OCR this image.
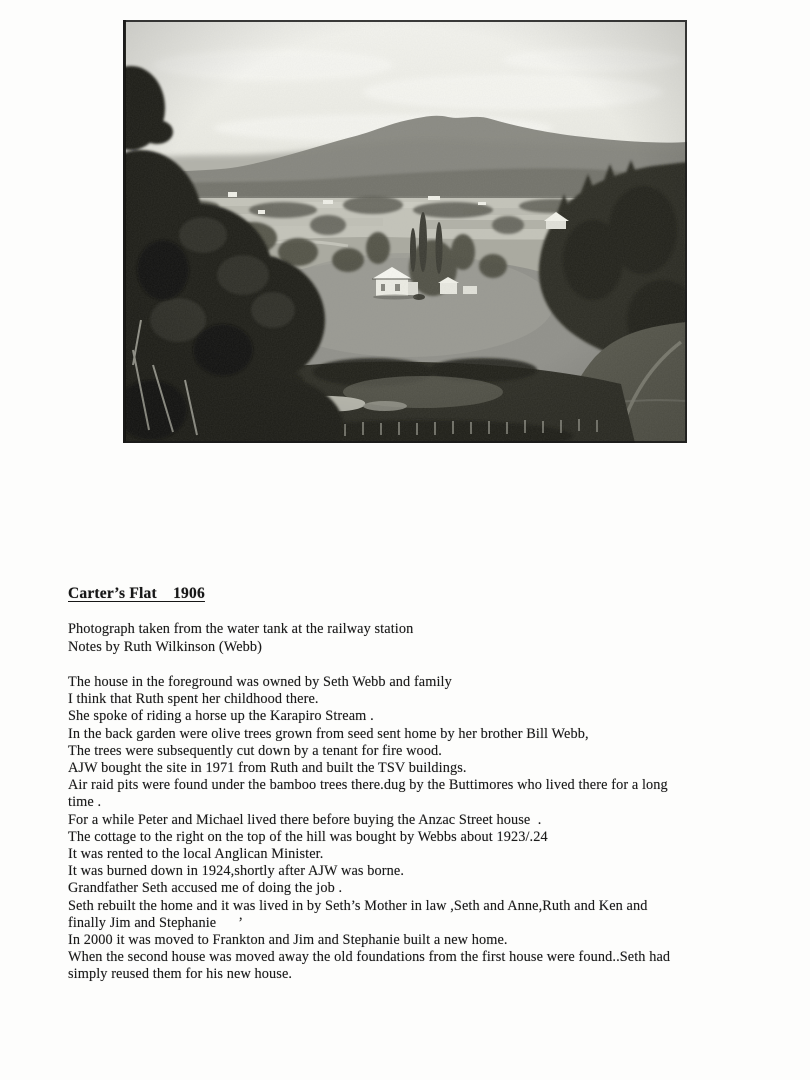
Carter’s Flat    1906
Photograph taken from the water tank at the railway station
Notes by Ruth Wilkinson (Webb)
The house in the foreground was owned by Seth Webb and family
I think that Ruth spent her childhood there.
She spoke of riding a horse up the Karapiro Stream .
In the back garden were olive trees grown from seed sent home by her brother Bill Webb,
The trees were subsequently cut down by a tenant for fire wood.
AJW bought the site in 1971 from Ruth and built the TSV buildings.
Air raid pits were found under the bamboo trees there.dug by the Buttimores who lived there for a long
time .
For a while Peter and Michael lived there before buying the Anzac Street house  .
The cottage to the right on the top of the hill was bought by Webbs about 1923/.24
It was rented to the local Anglican Minister.
It was burned down in 1924,shortly after AJW was borne.
Grandfather Seth accused me of doing the job .
Seth rebuilt the home and it was lived in by Seth’s Mother in law ,Seth and Anne,Ruth and Ken and
finally Jim and Stephanie      ’
In 2000 it was moved to Frankton and Jim and Stephanie built a new home.
When the second house was moved away the old foundations from the first house were found..Seth had
simply reused them for his new house.
